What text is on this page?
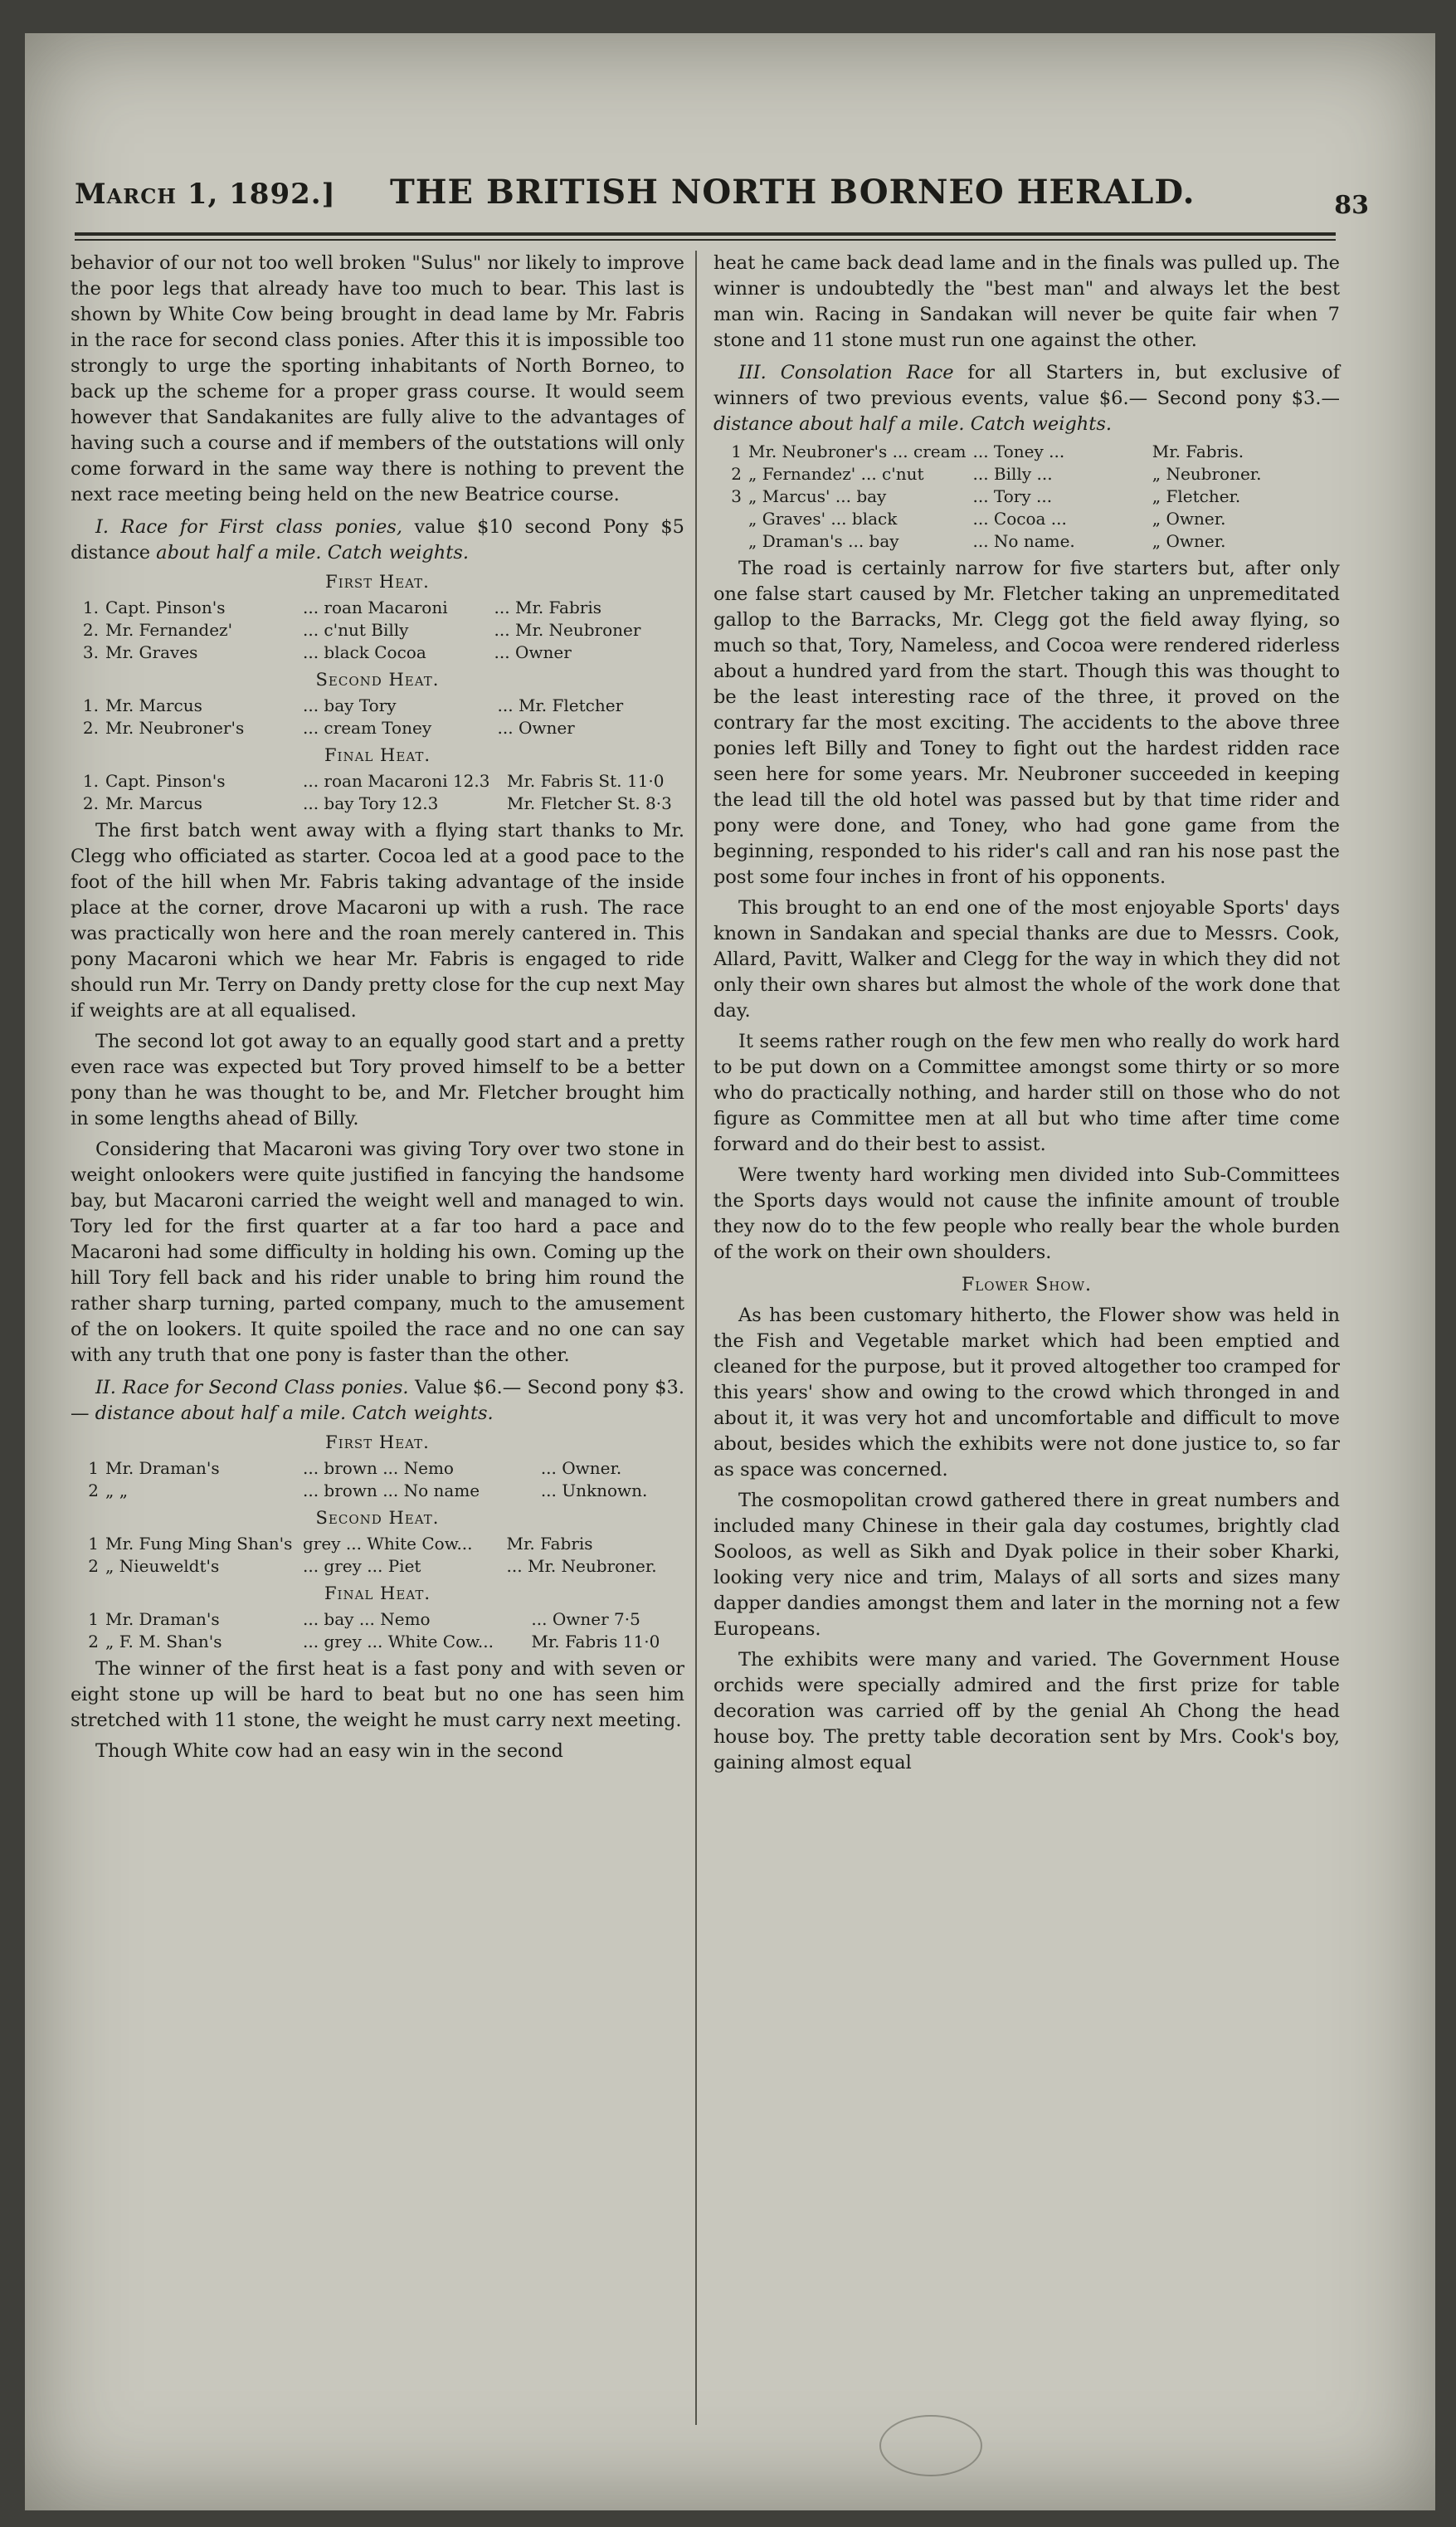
March 1, 1892.] THE BRITISH NORTH BORNEO HERALD.	83

behavior of our not too well broken "Sulus" nor likely to improve the poor legs that already have too much to bear. This last is shown by White Cow being brought in dead lame by Mr. Fabris in the race for second class ponies. After this it is impossible too strongly to urge the sporting inhabitants of North Borneo, to back up the scheme for a proper grass course. It would seem however that Sandakanites are fully alive to the advantages of having such a course and if members of the outstations will only come forward in the same way there is nothing to prevent the next race meeting being held on the new Beatrice course.

I. Race for First class ponies, value $10 second Pony $5 distance about half a mile. Catch weights.
First Heat.
1.	Capt. Pinson's	... roan Macaroni	... Mr. Fabris
2.	Mr. Fernandez'	... c'nut Billy	... Mr. Neubroner
3.	Mr. Graves	... black Cocoa	... Owner
Second Heat.
1.	Mr. Marcus	... bay Tory	... Mr. Fletcher
2.	Mr. Neubroner's	... cream Toney	... Owner
Final Heat.
1.	Capt. Pinson's	... roan Macaroni 12.3	Mr. Fabris St. 11·0
2.	Mr. Marcus	... bay Tory 12.3	Mr. Fletcher St. 8·3

The first batch went away with a flying start thanks to Mr. Clegg who officiated as starter. Cocoa led at a good pace to the foot of the hill when Mr. Fabris taking advantage of the inside place at the corner, drove Macaroni up with a rush. The race was practically won here and the roan merely cantered in. This pony Macaroni which we hear Mr. Fabris is engaged to ride should run Mr. Terry on Dandy pretty close for the cup next May if weights are at all equalised.

The second lot got away to an equally good start and a pretty even race was expected but Tory proved himself to be a better pony than he was thought to be, and Mr. Fletcher brought him in some lengths ahead of Billy.

Considering that Macaroni was giving Tory over two stone in weight onlookers were quite justified in fancying the handsome bay, but Macaroni carried the weight well and managed to win. Tory led for the first quarter at a far too hard a pace and Macaroni had some difficulty in holding his own. Coming up the hill Tory fell back and his rider unable to bring him round the rather sharp turning, parted company, much to the amusement of the on lookers. It quite spoiled the race and no one can say with any truth that one pony is faster than the other.

II. Race for Second Class ponies. Value $6.— Second pony $3.— distance about half a mile. Catch weights.
First Heat.
1	Mr. Draman's	... brown ... Nemo	... Owner.
2	„ „	... brown ... No name	... Unknown.
Second Heat.
1	Mr. Fung Ming Shan's	grey ... White Cow...	Mr. Fabris
2	„ Nieuweldt's	... grey ... Piet	... Mr. Neubroner.
Final Heat.
1	Mr. Draman's	... bay ... Nemo	... Owner 7·5
2	„ F. M. Shan's	... grey ... White Cow...	Mr. Fabris 11·0

The winner of the first heat is a fast pony and with seven or eight stone up will be hard to beat but no one has seen him stretched with 11 stone, the weight he must carry next meeting.

Though White cow had an easy win in the second

heat he came back dead lame and in the finals was pulled up. The winner is undoubtedly the "best man" and always let the best man win. Racing in Sandakan will never be quite fair when 7 stone and 11 stone must run one against the other.

III. Consolation Race for all Starters in, but exclusive of winners of two previous events, value $6.— Second pony $3.— distance about half a mile. Catch weights.
1	Mr. Neubroner's ... cream	... Toney ...	Mr. Fabris.
2	„ Fernandez' ... c'nut	... Billy ...	„ Neubroner.
3	„ Marcus' ... bay	... Tory ...	„ Fletcher.
	„ Graves' ... black	... Cocoa ...	„ Owner.
	„ Draman's ... bay	... No name.	„ Owner.

The road is certainly narrow for five starters but, after only one false start caused by Mr. Fletcher taking an unpremeditated gallop to the Barracks, Mr. Clegg got the field away flying, so much so that, Tory, Nameless, and Cocoa were rendered riderless about a hundred yard from the start. Though this was thought to be the least interesting race of the three, it proved on the contrary far the most exciting. The accidents to the above three ponies left Billy and Toney to fight out the hardest ridden race seen here for some years. Mr. Neubroner succeeded in keeping the lead till the old hotel was passed but by that time rider and pony were done, and Toney, who had gone game from the beginning, responded to his rider's call and ran his nose past the post some four inches in front of his opponents.

This brought to an end one of the most enjoyable Sports' days known in Sandakan and special thanks are due to Messrs. Cook, Allard, Pavitt, Walker and Clegg for the way in which they did not only their own shares but almost the whole of the work done that day.

It seems rather rough on the few men who really do work hard to be put down on a Committee amongst some thirty or so more who do practically nothing, and harder still on those who do not figure as Committee men at all but who time after time come forward and do their best to assist.

Were twenty hard working men divided into Sub-Committees the Sports days would not cause the infinite amount of trouble they now do to the few people who really bear the whole burden of the work on their own shoulders.

Flower Show.

As has been customary hitherto, the Flower show was held in the Fish and Vegetable market which had been emptied and cleaned for the purpose, but it proved altogether too cramped for this years' show and owing to the crowd which thronged in and about it, it was very hot and uncomfortable and difficult to move about, besides which the exhibits were not done justice to, so far as space was concerned.

The cosmopolitan crowd gathered there in great numbers and included many Chinese in their gala day costumes, brightly clad Sooloos, as well as Sikh and Dyak police in their sober Kharki, looking very nice and trim, Malays of all sorts and sizes many dapper dandies amongst them and later in the morning not a few Europeans.

The exhibits were many and varied. The Government House orchids were specially admired and the first prize for table decoration was carried off by the genial Ah Chong the head house boy. The pretty table decoration sent by Mrs. Cook's boy, gaining almost equal
